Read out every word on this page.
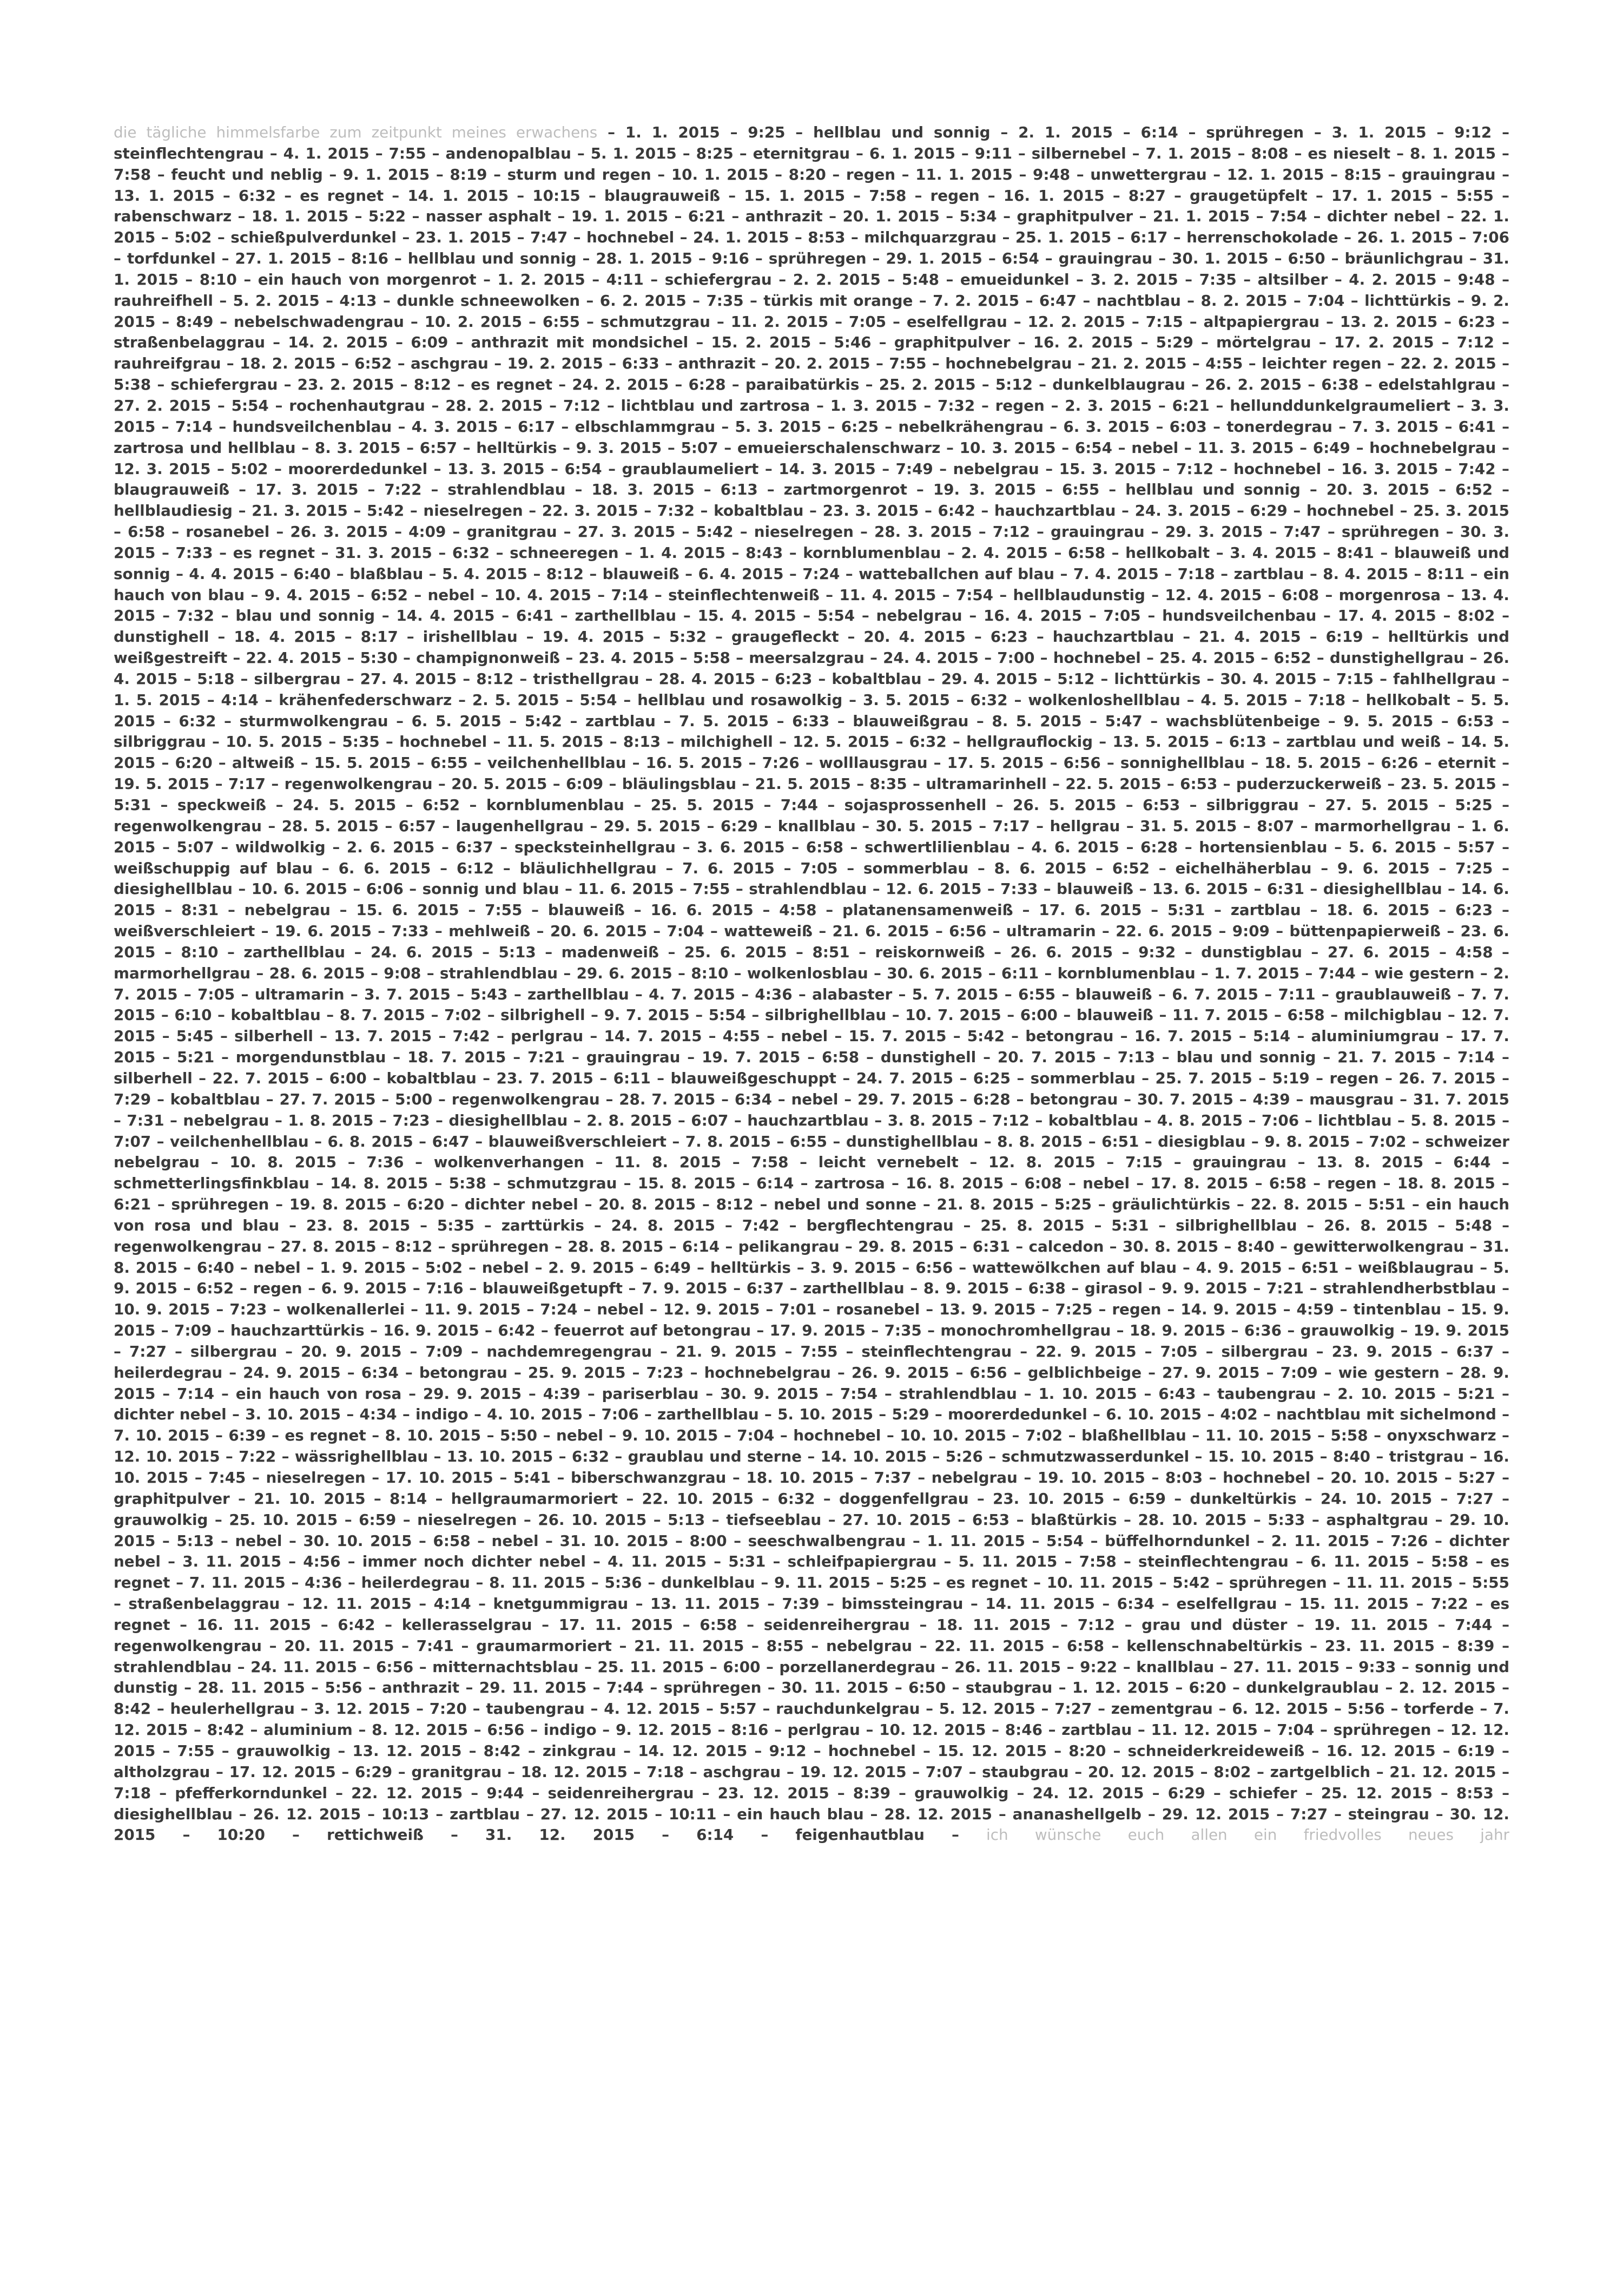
die tägliche himmelsfarbe zum zeitpunkt meines erwachens – 1. 1. 2015 – 9:25 – hellblau und sonnig – 2. 1. 2015 – 6:14 – sprühregen – 3. 1. 2015 – 9:12 – steinflechtengrau – 4. 1. 2015 – 7:55 – andenopalblau – 5. 1. 2015 – 8:25 – eternitgrau – 6. 1. 2015 – 9:11 – silbernebel – 7. 1. 2015 – 8:08 – es nieselt – 8. 1. 2015 – 7:58 – feucht und neblig – 9. 1. 2015 – 8:19 – sturm und regen – 10. 1. 2015 – 8:20 – regen – 11. 1. 2015 – 9:48 – unwettergrau – 12. 1. 2015 – 8:15 – grauingrau – 13. 1. 2015 – 6:32 – es regnet – 14. 1. 2015 – 10:15 – blaugrauweiß – 15. 1. 2015 – 7:58 – regen – 16. 1. 2015 – 8:27 – graugetüpfelt – 17. 1. 2015 – 5:55 – rabenschwarz – 18. 1. 2015 – 5:22 – nasser asphalt – 19. 1. 2015 – 6:21 – anthrazit – 20. 1. 2015 – 5:34 – graphitpulver – 21. 1. 2015 – 7:54 – dichter nebel – 22. 1. 2015 – 5:02 – schießpulverdunkel – 23. 1. 2015 – 7:47 – hochnebel – 24. 1. 2015 – 8:53 – milchquarzgrau – 25. 1. 2015 – 6:17 – herrenschokolade – 26. 1. 2015 – 7:06 – torfdunkel – 27. 1. 2015 – 8:16 – hellblau und sonnig – 28. 1. 2015 – 9:16 – sprühregen – 29. 1. 2015 – 6:54 – grauingrau – 30. 1. 2015 – 6:50 – bräunlichgrau – 31. 1. 2015 – 8:10 – ein hauch von morgenrot – 1. 2. 2015 – 4:11 – schiefergrau – 2. 2. 2015 – 5:48 – emueidunkel – 3. 2. 2015 – 7:35 – altsilber – 4. 2. 2015 – 9:48 – rauhreifhell – 5. 2. 2015 – 4:13 – dunkle schneewolken – 6. 2. 2015 – 7:35 – türkis mit orange – 7. 2. 2015 – 6:47 – nachtblau – 8. 2. 2015 – 7:04 – lichttürkis – 9. 2. 2015 – 8:49 – nebelschwadengrau – 10. 2. 2015 – 6:55 – schmutzgrau – 11. 2. 2015 – 7:05 – eselfellgrau – 12. 2. 2015 – 7:15 – altpapiergrau – 13. 2. 2015 – 6:23 – straßenbelaggrau – 14. 2. 2015 – 6:09 – anthrazit mit mondsichel – 15. 2. 2015 – 5:46 – graphitpulver – 16. 2. 2015 – 5:29 – mörtelgrau – 17. 2. 2015 – 7:12 – rauhreifgrau – 18. 2. 2015 – 6:52 – aschgrau – 19. 2. 2015 – 6:33 – anthrazit – 20. 2. 2015 – 7:55 – hochnebelgrau – 21. 2. 2015 – 4:55 – leichter regen – 22. 2. 2015 – 5:38 – schiefergrau – 23. 2. 2015 – 8:12 – es regnet – 24. 2. 2015 – 6:28 – paraibatürkis – 25. 2. 2015 – 5:12 – dunkelblaugrau – 26. 2. 2015 – 6:38 – edelstahlgrau – 27. 2. 2015 – 5:54 – rochenhautgrau – 28. 2. 2015 – 7:12 – lichtblau und zartrosa – 1. 3. 2015 – 7:32 – regen – 2. 3. 2015 – 6:21 – hellunddunkelgraumeliert – 3. 3. 2015 – 7:14 – hundsveilchenblau – 4. 3. 2015 – 6:17 – elbschlammgrau – 5. 3. 2015 – 6:25 – nebelkrähengrau – 6. 3. 2015 – 6:03 – tonerdegrau – 7. 3. 2015 – 6:41 – zartrosa und hellblau – 8. 3. 2015 – 6:57 – helltürkis – 9. 3. 2015 – 5:07 – emueierschalenschwarz – 10. 3. 2015 – 6:54 – nebel – 11. 3. 2015 – 6:49 – hochnebelgrau – 12. 3. 2015 – 5:02 – moorerdedunkel – 13. 3. 2015 – 6:54 – graublaumeliert – 14. 3. 2015 – 7:49 – nebelgrau – 15. 3. 2015 – 7:12 – hochnebel – 16. 3. 2015 – 7:42 – blaugrauweiß – 17. 3. 2015 – 7:22 – strahlendblau – 18. 3. 2015 – 6:13 – zartmorgenrot – 19. 3. 2015 – 6:55 – hellblau und sonnig – 20. 3. 2015 – 6:52 – hellblaudiesig – 21. 3. 2015 – 5:42 – nieselregen – 22. 3. 2015 – 7:32 – kobaltblau – 23. 3. 2015 – 6:42 – hauchzartblau – 24. 3. 2015 – 6:29 – hochnebel – 25. 3. 2015 – 6:58 – rosanebel – 26. 3. 2015 – 4:09 – granitgrau – 27. 3. 2015 – 5:42 – nieselregen – 28. 3. 2015 – 7:12 – grauingrau – 29. 3. 2015 – 7:47 – sprühregen – 30. 3. 2015 – 7:33 – es regnet – 31. 3. 2015 – 6:32 – schneeregen – 1. 4. 2015 – 8:43 – kornblumenblau – 2. 4. 2015 – 6:58 – hellkobalt – 3. 4. 2015 – 8:41 – blauweiß und sonnig – 4. 4. 2015 – 6:40 – blaßblau – 5. 4. 2015 – 8:12 – blauweiß – 6. 4. 2015 – 7:24 – watteballchen auf blau – 7. 4. 2015 – 7:18 – zartblau – 8. 4. 2015 – 8:11 – ein hauch von blau – 9. 4. 2015 – 6:52 – nebel – 10. 4. 2015 – 7:14 – steinflechtenweiß – 11. 4. 2015 – 7:54 – hellblaudunstig – 12. 4. 2015 – 6:08 – morgenrosa – 13. 4. 2015 – 7:32 – blau und sonnig – 14. 4. 2015 – 6:41 – zarthellblau – 15. 4. 2015 – 5:54 – nebelgrau – 16. 4. 2015 – 7:05 – hundsveilchenbau – 17. 4. 2015 – 8:02 – dunstighell – 18. 4. 2015 – 8:17 – irishellblau – 19. 4. 2015 – 5:32 – graugefleckt – 20. 4. 2015 – 6:23 – hauchzartblau – 21. 4. 2015 – 6:19 – helltürkis und weißgestreift – 22. 4. 2015 – 5:30 – champignonweiß – 23. 4. 2015 – 5:58 – meersalzgrau – 24. 4. 2015 – 7:00 – hochnebel – 25. 4. 2015 – 6:52 – dunstighellgrau – 26. 4. 2015 – 5:18 – silbergrau – 27. 4. 2015 – 8:12 – tristhellgrau – 28. 4. 2015 – 6:23 – kobaltblau – 29. 4. 2015 – 5:12 – lichttürkis – 30. 4. 2015 – 7:15 – fahlhellgrau – 1. 5. 2015 – 4:14 – krähenfederschwarz – 2. 5. 2015 – 5:54 – hellblau und rosawolkig – 3. 5. 2015 – 6:32 – wolkenloshellblau – 4. 5. 2015 – 7:18 – hellkobalt – 5. 5. 2015 – 6:32 – sturmwolkengrau – 6. 5. 2015 – 5:42 – zartblau – 7. 5. 2015 – 6:33 – blauweißgrau – 8. 5. 2015 – 5:47 – wachsblütenbeige – 9. 5. 2015 – 6:53 – silbriggrau – 10. 5. 2015 – 5:35 – hochnebel – 11. 5. 2015 – 8:13 – milchighell – 12. 5. 2015 – 6:32 – hellgrauflockig – 13. 5. 2015 – 6:13 – zartblau und weiß – 14. 5. 2015 – 6:20 – altweiß – 15. 5. 2015 – 6:55 – veilchenhellblau – 16. 5. 2015 – 7:26 – wolllausgrau – 17. 5. 2015 – 6:56 – sonnighellblau – 18. 5. 2015 – 6:26 – eternit – 19. 5. 2015 – 7:17 – regenwolkengrau – 20. 5. 2015 – 6:09 – bläulingsblau – 21. 5. 2015 – 8:35 – ultramarinhell – 22. 5. 2015 – 6:53 – puderzuckerweiß – 23. 5. 2015 – 5:31 – speckweiß – 24. 5. 2015 – 6:52 – kornblumenblau – 25. 5. 2015 – 7:44 – sojasprossenhell – 26. 5. 2015 – 6:53 – silbriggrau – 27. 5. 2015 – 5:25 – regenwolkengrau – 28. 5. 2015 – 6:57 – laugenhellgrau – 29. 5. 2015 – 6:29 – knallblau – 30. 5. 2015 – 7:17 – hellgrau – 31. 5. 2015 – 8:07 – marmorhellgrau – 1. 6. 2015 – 5:07 – wildwolkig – 2. 6. 2015 – 6:37 – specksteinhellgrau – 3. 6. 2015 – 6:58 – schwertlilienblau – 4. 6. 2015 – 6:28 – hortensienblau – 5. 6. 2015 – 5:57 – weißschuppig auf blau – 6. 6. 2015 – 6:12 – bläulichhellgrau – 7. 6. 2015 – 7:05 – sommerblau – 8. 6. 2015 – 6:52 – eichelhäherblau – 9. 6. 2015 – 7:25 – diesighellblau – 10. 6. 2015 – 6:06 – sonnig und blau – 11. 6. 2015 – 7:55 – strahlendblau – 12. 6. 2015 – 7:33 – blauweiß – 13. 6. 2015 – 6:31 – diesighellblau – 14. 6. 2015 – 8:31 – nebelgrau – 15. 6. 2015 – 7:55 – blauweiß – 16. 6. 2015 – 4:58 – platanensamenweiß – 17. 6. 2015 – 5:31 – zartblau – 18. 6. 2015 – 6:23 – weißverschleiert – 19. 6. 2015 – 7:33 – mehlweiß – 20. 6. 2015 – 7:04 – watteweiß – 21. 6. 2015 – 6:56 – ultramarin – 22. 6. 2015 – 9:09 – büttenpapierweiß – 23. 6. 2015 – 8:10 – zarthellblau – 24. 6. 2015 – 5:13 – madenweiß – 25. 6. 2015 – 8:51 – reiskornweiß – 26. 6. 2015 – 9:32 – dunstigblau – 27. 6. 2015 – 4:58 – marmorhellgrau – 28. 6. 2015 – 9:08 – strahlendblau – 29. 6. 2015 – 8:10 – wolkenlosblau – 30. 6. 2015 – 6:11 – kornblumenblau – 1. 7. 2015 – 7:44 – wie gestern – 2. 7. 2015 – 7:05 – ultramarin – 3. 7. 2015 – 5:43 – zarthellblau – 4. 7. 2015 – 4:36 – alabaster – 5. 7. 2015 – 6:55 – blauweiß – 6. 7. 2015 – 7:11 – graublauweiß – 7. 7. 2015 – 6:10 – kobaltblau – 8. 7. 2015 – 7:02 – silbrighell – 9. 7. 2015 – 5:54 – silbrighellblau – 10. 7. 2015 – 6:00 – blauweiß – 11. 7. 2015 – 6:58 – milchigblau – 12. 7. 2015 – 5:45 – silberhell – 13. 7. 2015 – 7:42 – perlgrau – 14. 7. 2015 – 4:55 – nebel – 15. 7. 2015 – 5:42 – betongrau – 16. 7. 2015 – 5:14 – aluminiumgrau – 17. 7. 2015 – 5:21 – morgendunstblau – 18. 7. 2015 – 7:21 – grauingrau – 19. 7. 2015 – 6:58 – dunstighell – 20. 7. 2015 – 7:13 – blau und sonnig – 21. 7. 2015 – 7:14 – silberhell – 22. 7. 2015 – 6:00 – kobaltblau – 23. 7. 2015 – 6:11 – blauweißgeschuppt – 24. 7. 2015 – 6:25 – sommerblau – 25. 7. 2015 – 5:19 – regen – 26. 7. 2015 – 7:29 – kobaltblau – 27. 7. 2015 – 5:00 – regenwolkengrau – 28. 7. 2015 – 6:34 – nebel – 29. 7. 2015 – 6:28 – betongrau – 30. 7. 2015 – 4:39 – mausgrau – 31. 7. 2015 – 7:31 – nebelgrau – 1. 8. 2015 – 7:23 – diesighellblau – 2. 8. 2015 – 6:07 – hauchzartblau – 3. 8. 2015 – 7:12 – kobaltblau – 4. 8. 2015 – 7:06 – lichtblau – 5. 8. 2015 – 7:07 – veilchenhellblau – 6. 8. 2015 – 6:47 – blauweißverschleiert – 7. 8. 2015 – 6:55 – dunstighellblau – 8. 8. 2015 – 6:51 – diesigblau – 9. 8. 2015 – 7:02 – schweizer nebelgrau – 10. 8. 2015 – 7:36 – wolkenverhangen – 11. 8. 2015 – 7:58 – leicht vernebelt – 12. 8. 2015 – 7:15 – grauingrau – 13. 8. 2015 – 6:44 – schmetterlingsfinkblau – 14. 8. 2015 – 5:38 – schmutzgrau – 15. 8. 2015 – 6:14 – zartrosa – 16. 8. 2015 – 6:08 – nebel – 17. 8. 2015 – 6:58 – regen – 18. 8. 2015 – 6:21 – sprühregen – 19. 8. 2015 – 6:20 – dichter nebel – 20. 8. 2015 – 8:12 – nebel und sonne – 21. 8. 2015 – 5:25 – gräulichtürkis – 22. 8. 2015 – 5:51 – ein hauch von rosa und blau – 23. 8. 2015 – 5:35 – zarttürkis – 24. 8. 2015 – 7:42 – bergflechtengrau – 25. 8. 2015 – 5:31 – silbrighellblau – 26. 8. 2015 – 5:48 – regenwolkengrau – 27. 8. 2015 – 8:12 – sprühregen – 28. 8. 2015 – 6:14 – pelikangrau – 29. 8. 2015 – 6:31 – calcedon – 30. 8. 2015 – 8:40 – gewitterwolkengrau – 31. 8. 2015 – 6:40 – nebel – 1. 9. 2015 – 5:02 – nebel – 2. 9. 2015 – 6:49 – helltürkis – 3. 9. 2015 – 6:56 – wattewölkchen auf blau – 4. 9. 2015 – 6:51 – weißblaugrau – 5. 9. 2015 – 6:52 – regen – 6. 9. 2015 – 7:16 – blauweißgetupft – 7. 9. 2015 – 6:37 – zarthellblau – 8. 9. 2015 – 6:38 – girasol – 9. 9. 2015 – 7:21 – strahlendherbstblau – 10. 9. 2015 – 7:23 – wolkenallerlei – 11. 9. 2015 – 7:24 – nebel – 12. 9. 2015 – 7:01 – rosanebel – 13. 9. 2015 – 7:25 – regen – 14. 9. 2015 – 4:59 – tintenblau – 15. 9. 2015 – 7:09 – hauchzarttürkis – 16. 9. 2015 – 6:42 – feuerrot auf betongrau – 17. 9. 2015 – 7:35 – monochromhellgrau – 18. 9. 2015 – 6:36 – grauwolkig – 19. 9. 2015 – 7:27 – silbergrau – 20. 9. 2015 – 7:09 – nachdemregengrau – 21. 9. 2015 – 7:55 – steinflechtengrau – 22. 9. 2015 – 7:05 – silbergrau – 23. 9. 2015 – 6:37 – heilerdegrau – 24. 9. 2015 – 6:34 – betongrau – 25. 9. 2015 – 7:23 – hochnebelgrau – 26. 9. 2015 – 6:56 – gelblichbeige – 27. 9. 2015 – 7:09 – wie gestern – 28. 9. 2015 – 7:14 – ein hauch von rosa – 29. 9. 2015 – 4:39 – pariserblau – 30. 9. 2015 – 7:54 – strahlendblau – 1. 10. 2015 – 6:43 – taubengrau – 2. 10. 2015 – 5:21 – dichter nebel – 3. 10. 2015 – 4:34 – indigo – 4. 10. 2015 – 7:06 – zarthellblau – 5. 10. 2015 – 5:29 – moorerdedunkel – 6. 10. 2015 – 4:02 – nachtblau mit sichelmond – 7. 10. 2015 – 6:39 – es regnet – 8. 10. 2015 – 5:50 – nebel – 9. 10. 2015 – 7:04 – hochnebel – 10. 10. 2015 – 7:02 – blaßhellblau – 11. 10. 2015 – 5:58 – onyxschwarz – 12. 10. 2015 – 7:22 – wässrighellblau – 13. 10. 2015 – 6:32 – graublau und sterne – 14. 10. 2015 – 5:26 – schmutzwasserdunkel – 15. 10. 2015 – 8:40 – tristgrau – 16. 10. 2015 – 7:45 – nieselregen – 17. 10. 2015 – 5:41 – biberschwanzgrau – 18. 10. 2015 – 7:37 – nebelgrau – 19. 10. 2015 – 8:03 – hochnebel – 20. 10. 2015 – 5:27 – graphitpulver – 21. 10. 2015 – 8:14 – hellgraumarmoriert – 22. 10. 2015 – 6:32 – doggenfellgrau – 23. 10. 2015 – 6:59 – dunkeltürkis – 24. 10. 2015 – 7:27 – grauwolkig – 25. 10. 2015 – 6:59 – nieselregen – 26. 10. 2015 – 5:13 – tiefseeblau – 27. 10. 2015 – 6:53 – blaßtürkis – 28. 10. 2015 – 5:33 – asphaltgrau – 29. 10. 2015 – 5:13 – nebel – 30. 10. 2015 – 6:58 – nebel – 31. 10. 2015 – 8:00 – seeschwalbengrau – 1. 11. 2015 – 5:54 – büffelhorndunkel – 2. 11. 2015 – 7:26 – dichter nebel – 3. 11. 2015 – 4:56 – immer noch dichter nebel – 4. 11. 2015 – 5:31 – schleifpapiergrau – 5. 11. 2015 – 7:58 – steinflechtengrau – 6. 11. 2015 – 5:58 – es regnet – 7. 11. 2015 – 4:36 – heilerdegrau – 8. 11. 2015 – 5:36 – dunkelblau – 9. 11. 2015 – 5:25 – es regnet – 10. 11. 2015 – 5:42 – sprühregen – 11. 11. 2015 – 5:55 – straßenbelaggrau – 12. 11. 2015 – 4:14 – knetgummigrau – 13. 11. 2015 – 7:39 – bimssteingrau – 14. 11. 2015 – 6:34 – eselfellgrau – 15. 11. 2015 – 7:22 – es regnet – 16. 11. 2015 – 6:42 – kellerasselgrau – 17. 11. 2015 – 6:58 – seidenreihergrau – 18. 11. 2015 – 7:12 – grau und düster – 19. 11. 2015 – 7:44 – regenwolkengrau – 20. 11. 2015 – 7:41 – graumarmoriert – 21. 11. 2015 – 8:55 – nebelgrau – 22. 11. 2015 – 6:58 – kellenschnabeltürkis – 23. 11. 2015 – 8:39 – strahlendblau – 24. 11. 2015 – 6:56 – mitternachtsblau – 25. 11. 2015 – 6:00 – porzellanerdegrau – 26. 11. 2015 – 9:22 – knallblau – 27. 11. 2015 – 9:33 – sonnig und dunstig – 28. 11. 2015 – 5:56 – anthrazit – 29. 11. 2015 – 7:44 – sprühregen – 30. 11. 2015 – 6:50 – staubgrau – 1. 12. 2015 – 6:20 – dunkelgraublau – 2. 12. 2015 – 8:42 – heulerhellgrau – 3. 12. 2015 – 7:20 – taubengrau – 4. 12. 2015 – 5:57 – rauchdunkelgrau – 5. 12. 2015 – 7:27 – zementgrau – 6. 12. 2015 – 5:56 – torferde – 7. 12. 2015 – 8:42 – aluminium – 8. 12. 2015 – 6:56 – indigo – 9. 12. 2015 – 8:16 – perlgrau – 10. 12. 2015 – 8:46 – zartblau – 11. 12. 2015 – 7:04 – sprühregen – 12. 12. 2015 – 7:55 – grauwolkig – 13. 12. 2015 – 8:42 – zinkgrau – 14. 12. 2015 – 9:12 – hochnebel – 15. 12. 2015 – 8:20 – schneiderkreideweiß – 16. 12. 2015 – 6:19 – altholzgrau – 17. 12. 2015 – 6:29 – granitgrau – 18. 12. 2015 – 7:18 – aschgrau – 19. 12. 2015 – 7:07 – staubgrau – 20. 12. 2015 – 8:02 – zartgelblich – 21. 12. 2015 – 7:18 – pfefferkorndunkel – 22. 12. 2015 – 9:44 – seidenreihergrau – 23. 12. 2015 – 8:39 – grauwolkig – 24. 12. 2015 – 6:29 – schiefer – 25. 12. 2015 – 8:53 – diesighellblau – 26. 12. 2015 – 10:13 – zartblau – 27. 12. 2015 – 10:11 – ein hauch blau – 28. 12. 2015 – ananashellgelb – 29. 12. 2015 – 7:27 – steingrau – 30. 12. 2015 – 10:20 – rettichweiß – 31. 12. 2015 – 6:14 – feigenhautblau – ich wünsche euch allen ein friedvolles neues jahr
